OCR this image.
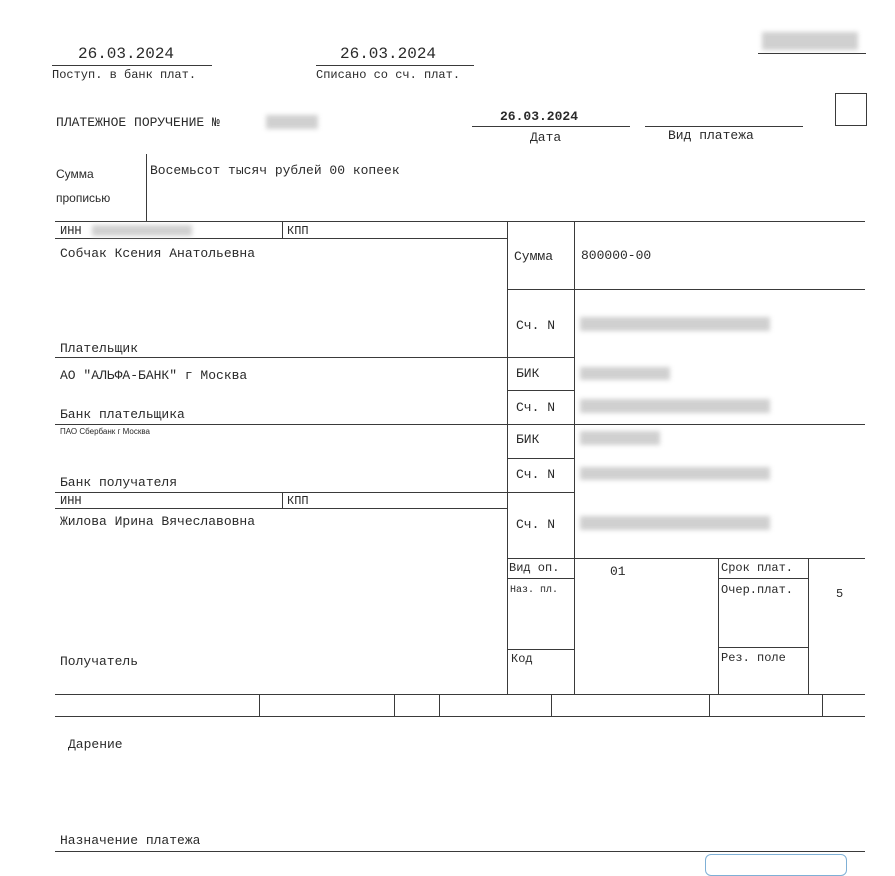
26.03.2024
Поступ. в банк плат.
26.03.2024
Списано со сч. плат.
ПЛАТЕЖНОЕ ПОРУЧЕНИЕ №	26.03.2024
Дата	Вид платежа
Сумма
прописью
Восемьсот тысяч рублей 00 копеек
ИНН	КПП
Собчак Ксения Анатольевна
Плательщик
Сумма 800000-00
Сч. N
АО "АЛЬФА-БАНК" г Москва
Банк плательщика
БИК
Сч. N
ПАО Сбербанк г Москва
Банк получателя
БИК
Сч. N
ИНН	КПП
Жилова Ирина Вячеславовна
Получатель
Сч. N
Вид оп.	01
Наз. пл.
Код
Срок плат.
Очер.плат.	5
Рез. поле
Дарение
Назначение платежа
